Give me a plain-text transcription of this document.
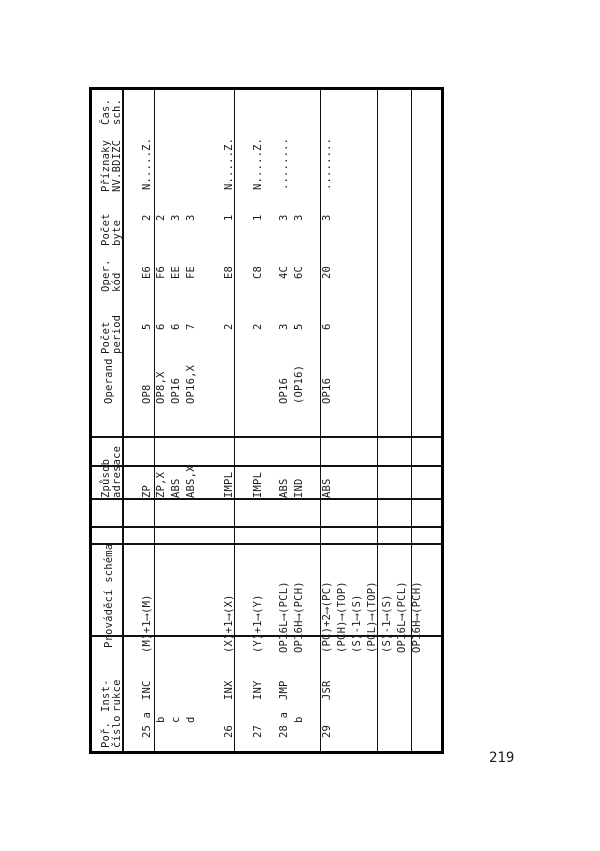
219
Poř. číslo
Inst- rukce
Prováděcí schéma
Způsob adresace
Operand
Počet period
Oper. kód
Počet byte
Příznaky NV.BDIZC
Čas. sch.
25 a b c d
INC
(M)+1⟶(M)
ZP ZP,X ABS ABS,X
OP8 OP8,X OP16 OP16,X
5 6 6 7
E6 F6 EE FE
2 2 3 3
N.....Z.
26
INX
(X)+1⟶(X)
IMPL
2
E8
1
N.....Z.
27
INY
(Y)+1⟶(Y)
IMPL
2
C8
1
N.....Z.
28 a b
JMP
OP16L⟶(PCL) OP16H⟶(PCH)
ABS IND
OP16 (OP16)
3 5
4C 6C
3 3
........
29
JSR
(PC)+2⟶(PC) (PCH)⟶(TOP) (S)-1⟶(S) (PCL)⟶(TOP) (S)-1⟶(S) OP16L⟶(PCL) OP16H⟶(PCH)
ABS
OP16
6
20
3
........
